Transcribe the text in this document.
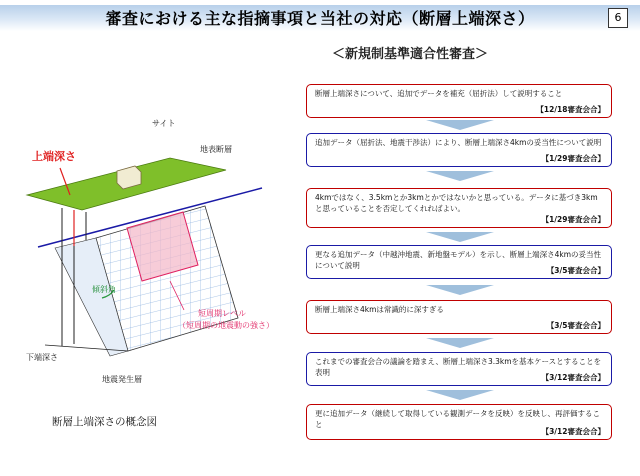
審査における主な指摘事項と当社の対応（断層上端深さ）	6
＜新規制基準適合性審査＞
サイト
地表断層
上端深さ
傾斜角
短周期レベル
（短周期の地震動の強さ）
下端深さ
地震発生層
断層上端深さの概念図
断層上端深さについて、追加でデータを補充（屈折法）して説明すること
【12/18審査会合】
追加データ（屈折法、地震干渉法）により、断層上端深さ4kmの妥当性について説明
【1/29審査会合】
4kmではなく、3.5kmとか3kmとかではないかと思っている。データに基づき3kmと思っていることを否定してくれればよい。
【1/29審査会合】
更なる追加データ（中越沖地震、新地盤モデル）を示し、断層上端深さ4kmの妥当性について説明
【3/5審査会合】
断層上端深さ4kmは常識的に深すぎる
【3/5審査会合】
これまでの審査会合の議論を踏まえ、断層上端深さ3.3kmを基本ケースとすることを表明
【3/12審査会合】
更に追加データ（継続して取得している観測データを反映）を反映し、再評価すること
【3/12審査会合】
